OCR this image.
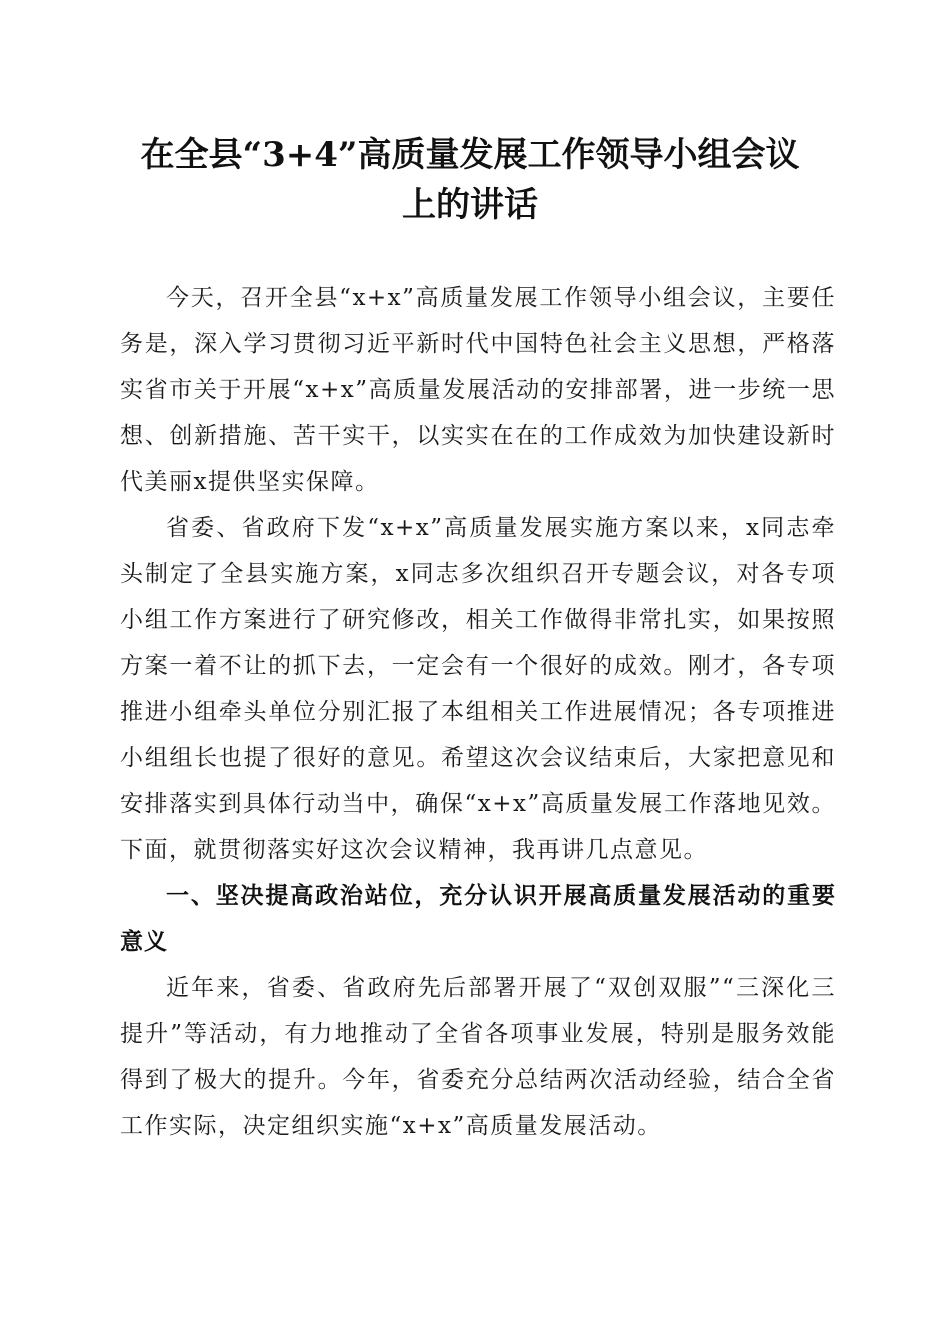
在全县“3+4”高质量发展工作领导小组会议
上的讲话

今天，召开全县“x+x”高质量发展工作领导小组会议，主要任务是，深入学习贯彻习近平新时代中国特色社会主义思想，严格落实省市关于开展“x+x”高质量发展活动的安排部署，进一步统一思想、创新措施、苦干实干，以实实在在的工作成效为加快建设新时代美丽x提供坚实保障。

省委、省政府下发“x+x”高质量发展实施方案以来，x同志牵头制定了全县实施方案，x同志多次组织召开专题会议，对各专项小组工作方案进行了研究修改，相关工作做得非常扎实，如果按照方案一着不让的抓下去，一定会有一个很好的成效。刚才，各专项推进小组牵头单位分别汇报了本组相关工作进展情况；各专项推进小组组长也提了很好的意见。希望这次会议结束后，大家把意见和安排落实到具体行动当中，确保“x+x”高质量发展工作落地见效。下面，就贯彻落实好这次会议精神，我再讲几点意见。

一、坚决提高政治站位，充分认识开展高质量发展活动的重要意义

近年来，省委、省政府先后部署开展了“双创双服”“三深化三提升”等活动，有力地推动了全省各项事业发展，特别是服务效能得到了极大的提升。今年，省委充分总结两次活动经验，结合全省工作实际，决定组织实施“x+x”高质量发展活动。
